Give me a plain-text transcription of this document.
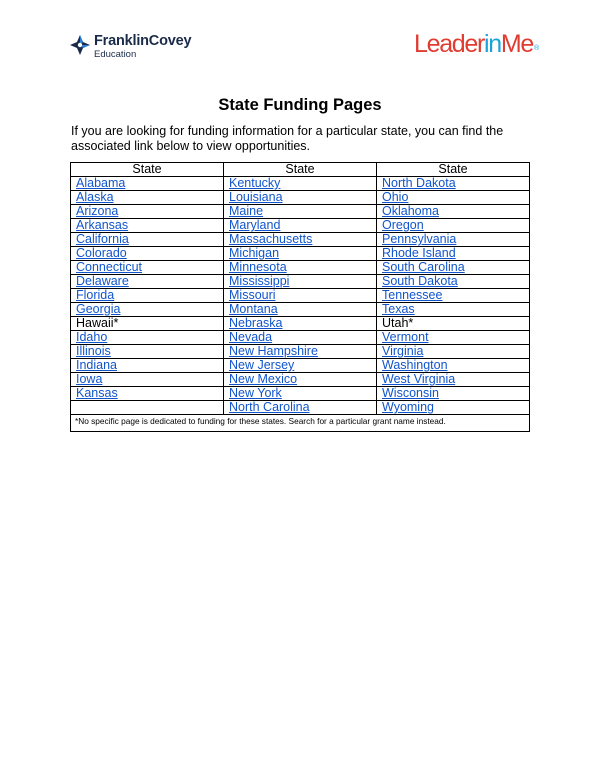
FranklinCovey
Education	LeaderinMe®
State Funding Pages
If you are looking for funding information for a particular state, you can find the associated link below to view opportunities.
State	State	State
Alabama	Kentucky	North Dakota
Alaska	Louisiana	Ohio
Arizona	Maine	Oklahoma
Arkansas	Maryland	Oregon
California	Massachusetts	Pennsylvania
Colorado	Michigan	Rhode Island
Connecticut	Minnesota	South Carolina
Delaware	Mississippi	South Dakota
Florida	Missouri	Tennessee
Georgia	Montana	Texas
Hawaii*	Nebraska	Utah*
Idaho	Nevada	Vermont
Illinois	New Hampshire	Virginia
Indiana	New Jersey	Washington
Iowa	New Mexico	West Virginia
Kansas	New York	Wisconsin
	North Carolina	Wyoming
*No specific page is dedicated to funding for these states. Search for a particular grant name instead.		
